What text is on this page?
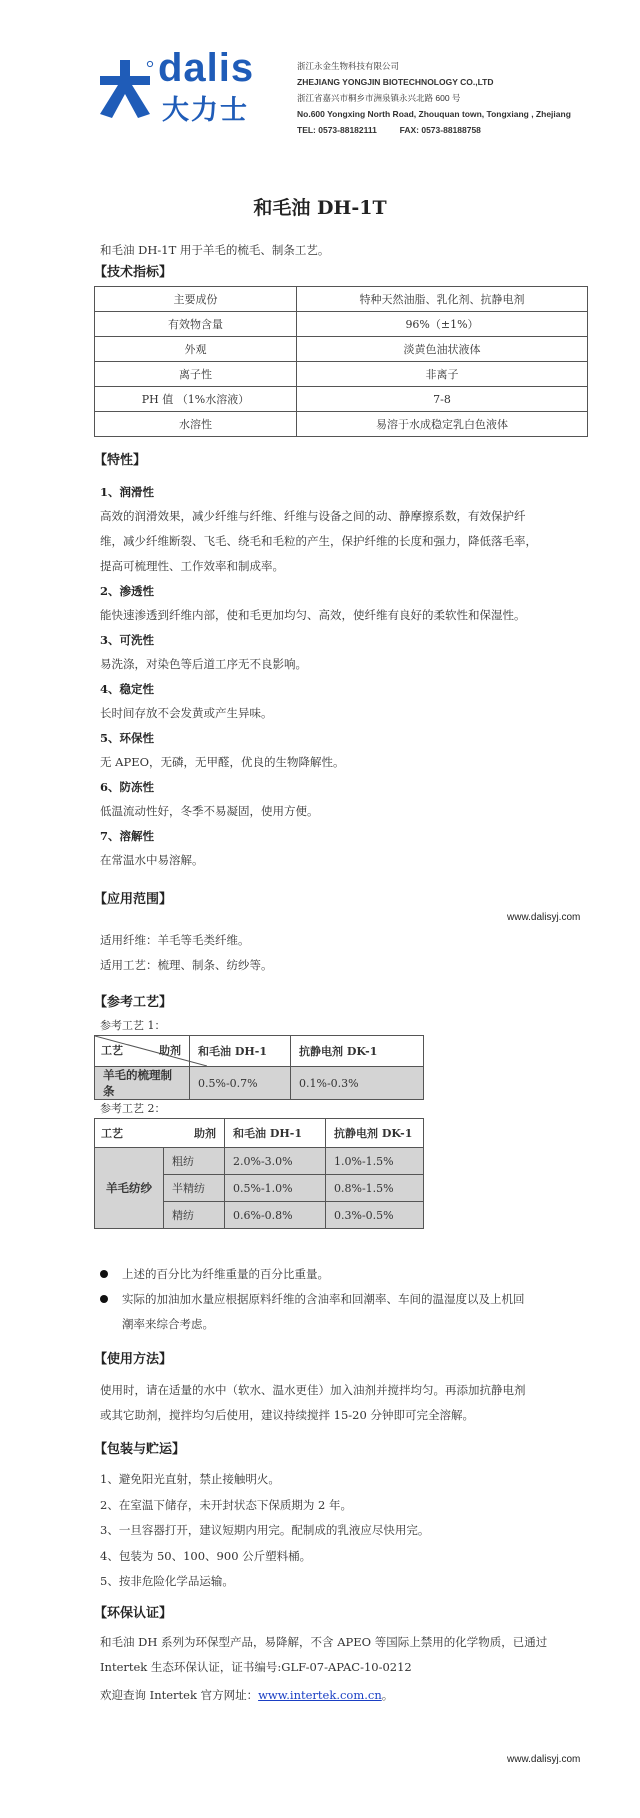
dalis
大力士
浙江永金生物科技有限公司
ZHEJIANG YONGJIN BIOTECHNOLOGY CO.,LTD
浙江省嘉兴市桐乡市洲泉镇永兴北路 600 号
No.600 Yongxing North Road, Zhouquan town, Tongxiang , Zhejiang
TEL: 0573-88182111	FAX: 0573-88188758
和毛油 DH-1T
和毛油 DH-1T 用于羊毛的梳毛、制条工艺。
【技术指标】
主要成份	特种天然油脂、乳化剂、抗静电剂
有效物含量	96%（±1%）
外观	淡黄色油状液体
离子性	非离子
PH 值 （1%水溶液）	7-8
水溶性	易溶于水成稳定乳白色液体
【特性】
1、润滑性
高效的润滑效果，减少纤维与纤维、纤维与设备之间的动、静摩擦系数，有效保护纤
维，减少纤维断裂、飞毛、绕毛和毛粒的产生，保护纤维的长度和强力，降低落毛率，
提高可梳理性、工作效率和制成率。
2、渗透性
能快速渗透到纤维内部，使和毛更加均匀、高效，使纤维有良好的柔软性和保湿性。
3、可洗性
易洗涤，对染色等后道工序无不良影响。
4、稳定性
长时间存放不会发黄或产生异味。
5、环保性
无 APEO，无磷，无甲醛，优良的生物降解性。
6、防冻性
低温流动性好，冬季不易凝固，使用方便。
7、溶解性
在常温水中易溶解。
【应用范围】
www.dalisyj.com
适用纤维：羊毛等毛类纤维。
适用工艺：梳理、制条、纺纱等。
【参考工艺】
参考工艺 1：
工艺 助剂	和毛油 DH-1	抗静电剂 DK-1
羊毛的梳理制条	0.5%-0.7%	0.1%-0.3%
参考工艺 2：
工艺 助剂		和毛油 DH-1	抗静电剂 DK-1
羊毛纺纱	粗纺	2.0%-3.0%	1.0%-1.5%
	半精纺	0.5%-1.0%	0.8%-1.5%
	精纺	0.6%-0.8%	0.3%-0.5%
上述的百分比为纤维重量的百分比重量。
实际的加油加水量应根据原料纤维的含油率和回潮率、车间的温湿度以及上机回
潮率来综合考虑。
【使用方法】
使用时，请在适量的水中（软水、温水更佳）加入油剂并搅拌均匀。再添加抗静电剂
或其它助剂，搅拌均匀后使用，建议持续搅拌 15-20 分钟即可完全溶解。
【包装与贮运】
1、避免阳光直射，禁止接触明火。
2、在室温下储存，未开封状态下保质期为 2 年。
3、一旦容器打开，建议短期内用完。配制成的乳液应尽快用完。
4、包装为 50、100、900 公斤塑料桶。
5、按非危险化学品运输。
【环保认证】
和毛油 DH 系列为环保型产品，易降解，不含 APEO 等国际上禁用的化学物质，已通过
Intertek 生态环保认证，证书编号:GLF-07-APAC-10-0212
欢迎查询 Intertek 官方网址：www.intertek.com.cn。
www.dalisyj.com
